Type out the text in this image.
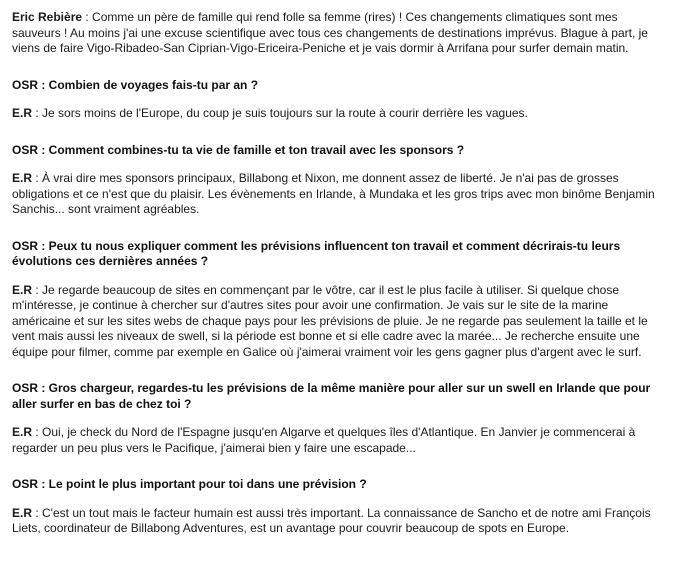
Eric Rebière : Comme un père de famille qui rend folle sa femme (rires) ! Ces changements climatiques sont mes sauveurs ! Au moins j'ai une excuse scientifique avec tous ces changements de destinations imprévus. Blague à part, je viens de faire Vigo-Ribadeo-San Ciprian-Vigo-Ericeira-Peniche et je vais dormir à Arrifana pour surfer demain matin.

OSR : Combien de voyages fais-tu par an ?

E.R : Je sors moins de l'Europe, du coup je suis toujours sur la route à courir derrière les vagues.

OSR : Comment combines-tu ta vie de famille et ton travail avec les sponsors ?

E.R : À vrai dire mes sponsors principaux, Billabong et Nixon, me donnent assez de liberté. Je n'ai pas de grosses obligations et ce n'est que du plaisir. Les évènements en Irlande, à Mundaka et les gros trips avec mon binôme Benjamin Sanchis... sont vraiment agréables.

OSR : Peux tu nous expliquer comment les prévisions influencent ton travail et comment décrirais-tu leurs évolutions ces dernières années ?

E.R : Je regarde beaucoup de sites en commençant par le vôtre, car il est le plus facile à utiliser. Si quelque chose m'intéresse, je continue à chercher sur d'autres sites pour avoir une confirmation. Je vais sur le site de la marine américaine et sur les sites webs de chaque pays pour les prévisions de pluie. Je ne regarde pas seulement la taille et le vent mais aussi les niveaux de swell, si la période est bonne et si elle cadre avec la marée... Je recherche ensuite une équipe pour filmer, comme par exemple en Galice où j'aimerai vraiment voir les gens gagner plus d'argent avec le surf.

OSR : Gros chargeur, regardes-tu les prévisions de la même manière pour aller sur un swell en Irlande que pour aller surfer en bas de chez toi ?

E.R : Oui, je check du Nord de l'Espagne jusqu'en Algarve et quelques îles d'Atlantique. En Janvier je commencerai à regarder un peu plus vers le Pacifique, j'aimerai bien y faire une escapade...

OSR : Le point le plus important pour toi dans une prévision ?

E.R : C'est un tout mais le facteur humain est aussi très important. La connaissance de Sancho et de notre ami François Liets, coordinateur de Billabong Adventures, est un avantage pour couvrir beaucoup de spots en Europe.
